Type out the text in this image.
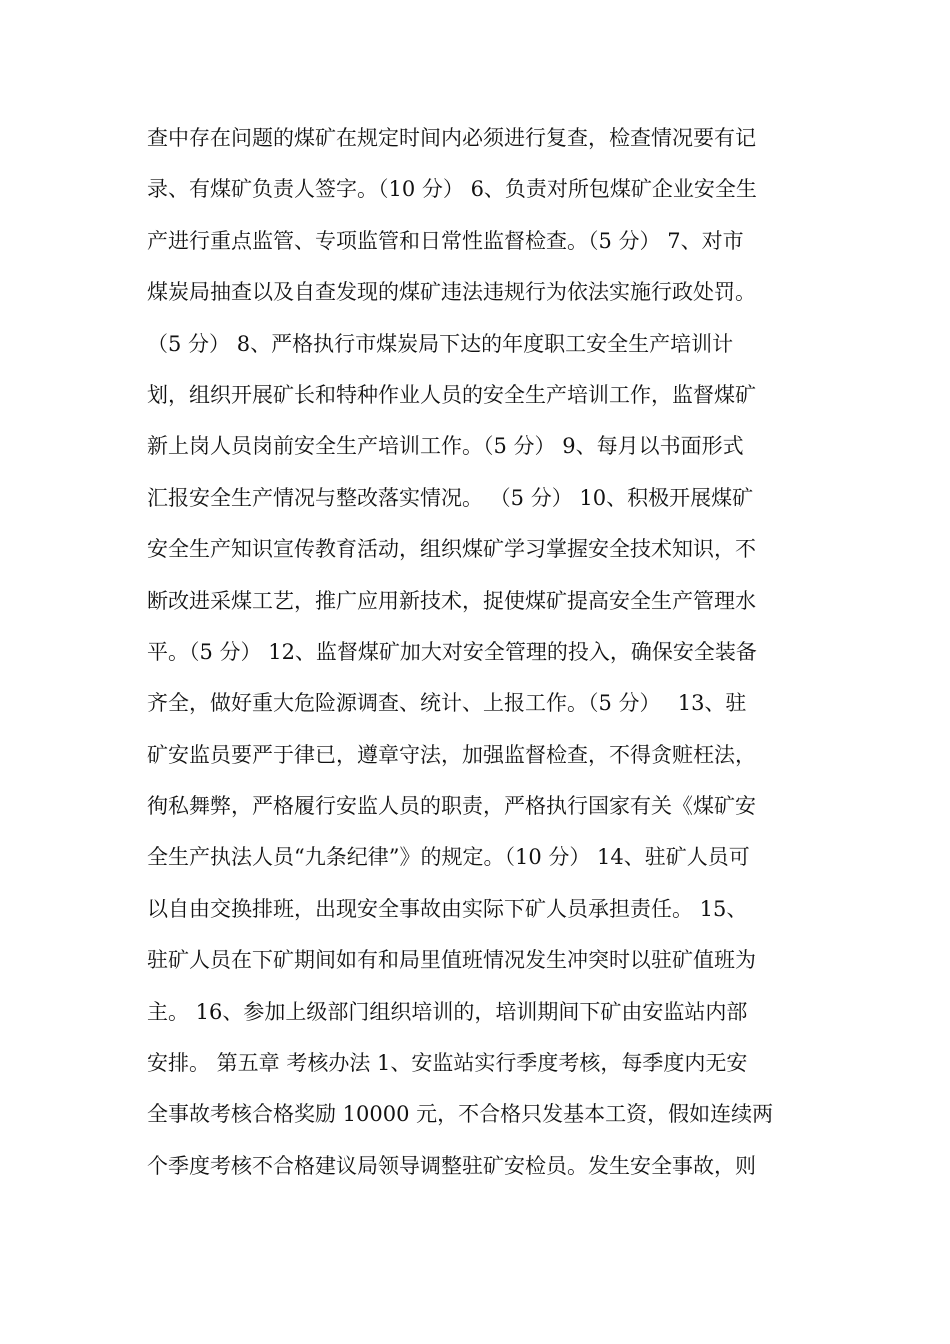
查中存在问题的煤矿在规定时间内必须进行复查，检查情况要有记
录、有煤矿负责人签字。（10 分） 6、负责对所包煤矿企业安全生
产进行重点监管、专项监管和日常性监督检查。（5 分） 7、对市
煤炭局抽查以及自查发现的煤矿违法违规行为依法实施行政处罚。
（5 分） 8、严格执行市煤炭局下达的年度职工安全生产培训计
划，组织开展矿长和特种作业人员的安全生产培训工作，监督煤矿
新上岗人员岗前安全生产培训工作。（5 分） 9、每月以书面形式
汇报安全生产情况与整改落实情况。 （5 分） 10、积极开展煤矿
安全生产知识宣传教育活动，组织煤矿学习掌握安全技术知识，不
断改进采煤工艺，推广应用新技术，捉使煤矿提高安全生产管理水
平。（5 分） 12、监督煤矿加大对安全管理的投入，确保安全装备
齐全，做好重大危险源调查、统计、上报工作。（5 分）　 13、驻
矿安监员要严于律已，遵章守法，加强监督检查，不得贪赃枉法，
徇私舞弊，严格履行安监人员的职责，严格执行国家有关《煤矿安
全生产执法人员“九条纪律”》的规定。（10 分） 14、驻矿人员可
以自由交换排班，出现安全事故由实际下矿人员承担责任。 15、
驻矿人员在下矿期间如有和局里值班情况发生冲突时以驻矿值班为
主。 16、参加上级部门组织培训的，培训期间下矿由安监站内部
安排。 第五章 考核办法 1、安监站实行季度考核，每季度内无安
全事故考核合格奖励 10000 元，不合格只发基本工资，假如连续两
个季度考核不合格建议局领导调整驻矿安检员。发生安全事故，则
